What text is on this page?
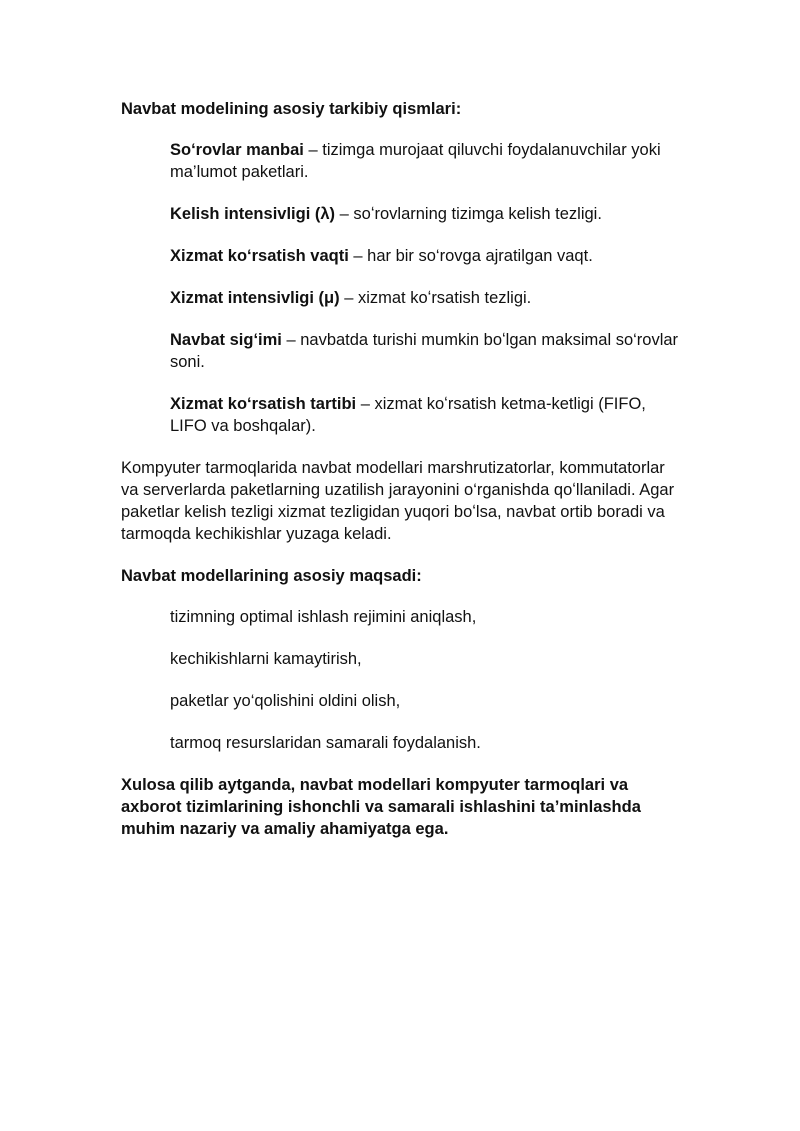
Navbat modelining asosiy tarkibiy qismlari:

So‘rovlar manbai – tizimga murojaat qiluvchi foydalanuvchilar yoki ma’lumot paketlari.

Kelish intensivligi (λ) – soʻrovlarning tizimga kelish tezligi.

Xizmat ko‘rsatish vaqti – har bir so‘rovga ajratilgan vaqt.

Xizmat intensivligi (μ) – xizmat koʻrsatish tezligi.

Navbat sig‘imi – navbatda turishi mumkin boʻlgan maksimal so‘rovlar soni.

Xizmat ko‘rsatish tartibi – xizmat koʻrsatish ketma-ketligi (FIFO, LIFO va boshqalar).

Kompyuter tarmoqlarida navbat modellari marshrutizatorlar, kommutatorlar va serverlarda paketlarning uzatilish jarayonini o‘rganishda qoʻllaniladi. Agar paketlar kelish tezligi xizmat tezligidan yuqori boʻlsa, navbat ortib boradi va tarmoqda kechikishlar yuzaga keladi.

Navbat modellarining asosiy maqsadi:

tizimning optimal ishlash rejimini aniqlash,

kechikishlarni kamaytirish,

paketlar yo‘qolishini oldini olish,

tarmoq resurslaridan samarali foydalanish.

Xulosa qilib aytganda, navbat modellari kompyuter tarmoqlari va axborot tizimlarining ishonchli va samarali ishlashini ta’minlashda muhim nazariy va amaliy ahamiyatga ega.
